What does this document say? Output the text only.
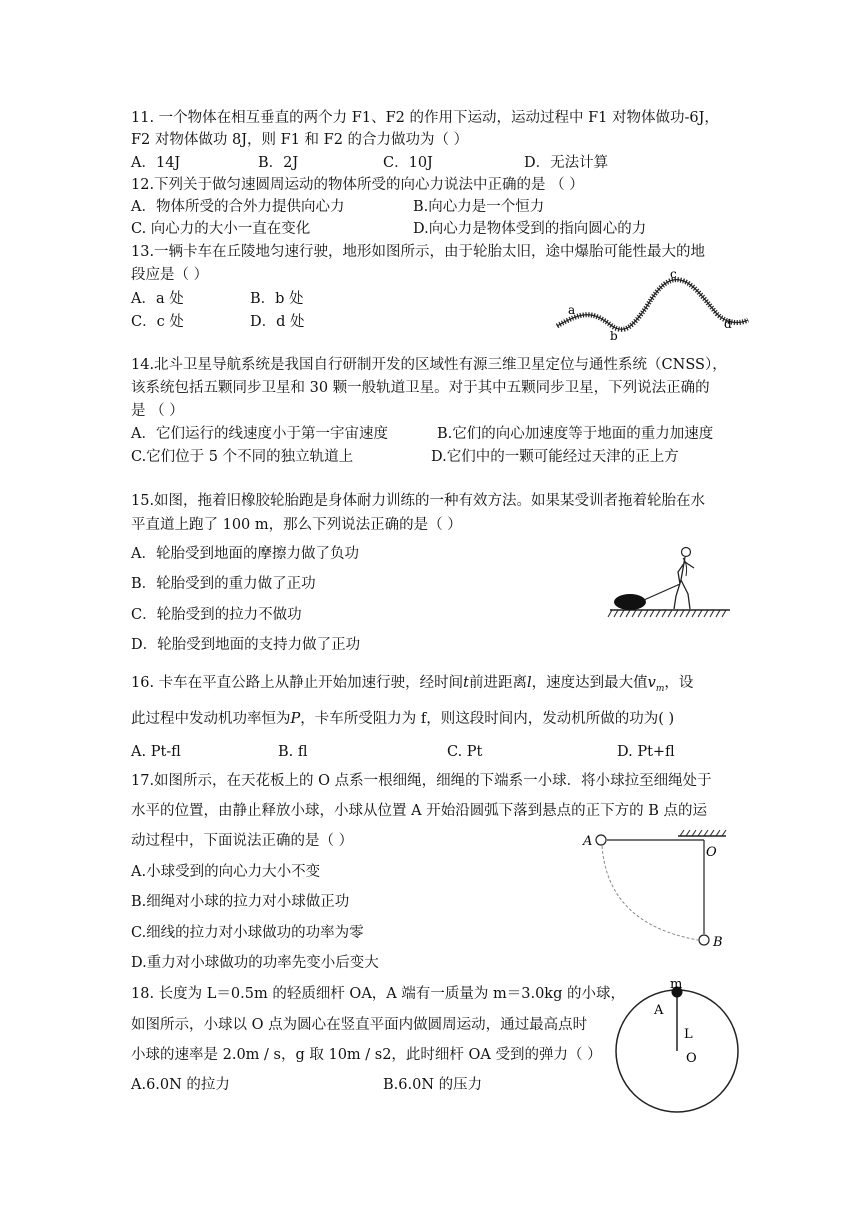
11. 一个物体在相互垂直的两个力 F1、F2 的作用下运动，运动过程中 F1 对物体做功-6J，
F2 对物体做功 8J，则 F1 和 F2 的合力做功为（ ）
A．14J	B．2J	C．10J	D．无法计算
12.下列关于做匀速圆周运动的物体所受的向心力说法中正确的是 （ ）
A．物体所受的合外力提供向心力	B.向心力是一个恒力
C. 向心力的大小一直在变化	D.向心力是物体受到的指向圆心的力
13.一辆卡车在丘陵地匀速行驶，地形如图所示，由于轮胎太旧，途中爆胎可能性最大的地
段应是（ ）
A．a 处	B．b 处
C．c 处	D．d 处
a
b
c
d
14.北斗卫星导航系统是我国自行研制开发的区域性有源三维卫星定位与通性系统（CNSS），
该系统包括五颗同步卫星和 30 颗一般轨道卫星。对于其中五颗同步卫星，下列说法正确的
是 （ ）
A．它们运行的线速度小于第一宇宙速度	B.它们的向心加速度等于地面的重力加速度
C.它们位于 5 个不同的独立轨道上	D.它们中的一颗可能经过天津的正上方
15.如图，拖着旧橡胶轮胎跑是身体耐力训练的一种有效方法。如果某受训者拖着轮胎在水
平直道上跑了 100 m，那么下列说法正确的是（ ）
A．轮胎受到地面的摩擦力做了负功
B．轮胎受到的重力做了正功
C．轮胎受到的拉力不做功
D．轮胎受到地面的支持力做了正功
16. 卡车在平直公路上从静止开始加速行驶，经时间t前进距离l，速度达到最大值$v_m$，设
此过程中发动机功率恒为P，卡车所受阻力为 f，则这段时间内，发动机所做的功为( )
A. Pt-fl	B. fl	C. Pt	D. Pt+fl
17.如图所示，在天花板上的 O 点系一根细绳，细绳的下端系一小球．将小球拉至细绳处于
水平的位置，由静止释放小球，小球从位置 A 开始沿圆弧下落到悬点的正下方的 B 点的运
动过程中，下面说法正确的是（ ）
A.小球受到的向心力大小不变
B.细绳对小球的拉力对小球做正功
C.细线的拉力对小球做功的功率为零
D.重力对小球做功的功率先变小后变大
A
O
B
18. 长度为 L＝0.5m 的轻质细杆 OA，A 端有一质量为 m＝3.0kg 的小球，
如图所示，小球以 O 点为圆心在竖直平面内做圆周运动，通过最高点时
小球的速率是 2.0m / s，g 取 10m / s2，此时细杆 OA 受到的弹力（ ）
A.6.0N 的拉力	B.6.0N 的压力
m
A
L
O
